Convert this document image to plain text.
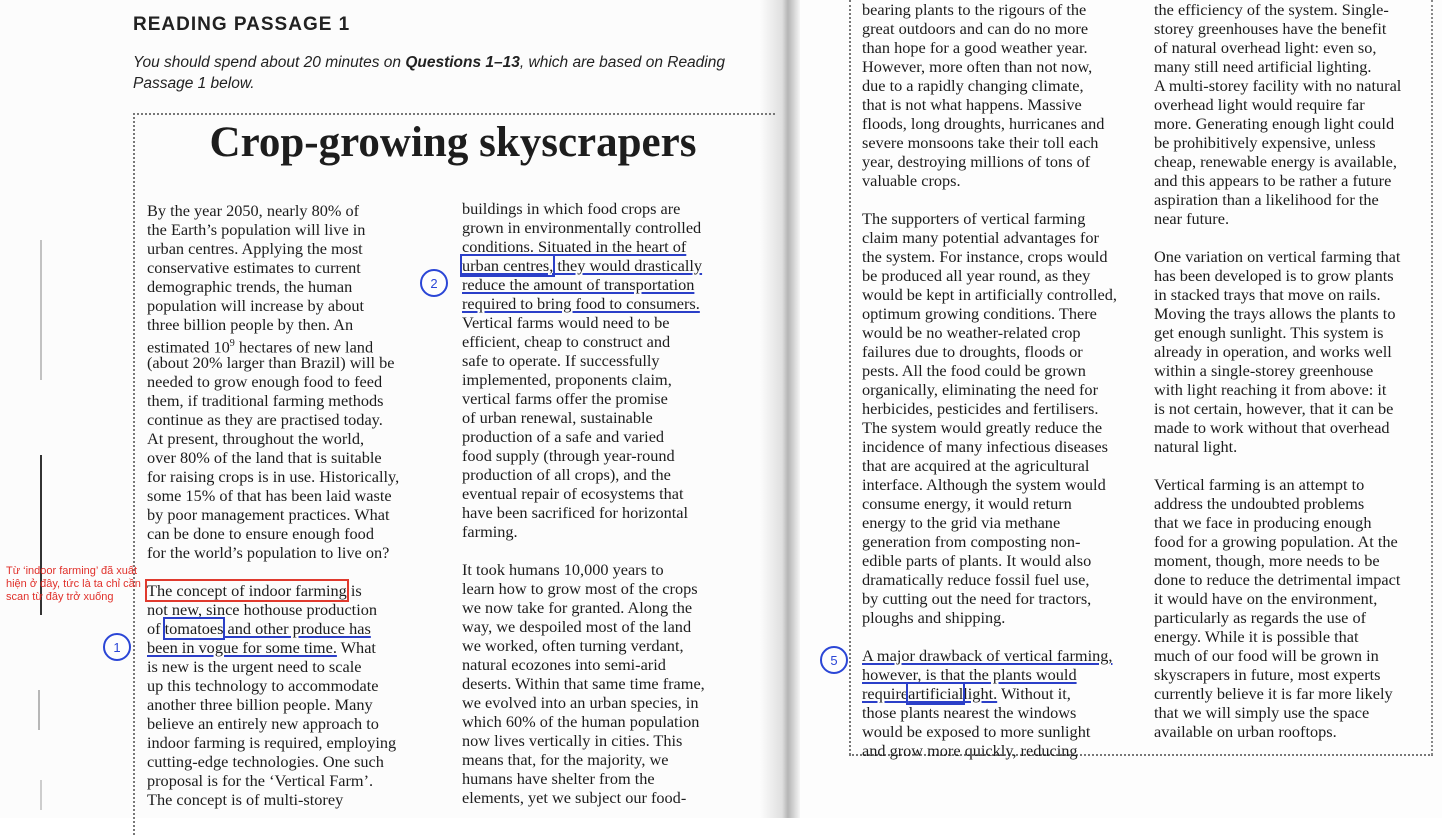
READING PASSAGE 1
You should spend about 20 minutes on Questions 1–13, which are based on Reading Passage 1 below.
Crop-growing skyscrapers

By the year 2050, nearly 80% of
the Earth’s population will live in
urban centres. Applying the most
conservative estimates to current
demographic trends, the human
population will increase by about
three billion people by then. An
estimated $10^9$ hectares of new land
(about 20% larger than Brazil) will be
needed to grow enough food to feed
them, if traditional farming methods
continue as they are practised today.
At present, throughout the world,
over 80% of the land that is suitable
for raising crops is in use. Historically,
some 15% of that has been laid waste
by poor management practices. What
can be done to ensure enough food
for the world’s population to live on?

The concept of indoor farming is
not new, since hothouse production
of tomatoes and other produce has
been in vogue for some time. What
is new is the urgent need to scale
up this technology to accommodate
another three billion people. Many
believe an entirely new approach to
indoor farming is required, employing
cutting-edge technologies. One such
proposal is for the ‘Vertical Farm’.
The concept is of multi-storey

buildings in which food crops are
grown in environmentally controlled
conditions. Situated in the heart of
urban centres, they would drastically
reduce the amount of transportation
required to bring food to consumers.
Vertical farms would need to be
efficient, cheap to construct and
safe to operate. If successfully
implemented, proponents claim,
vertical farms offer the promise
of urban renewal, sustainable
production of a safe and varied
food supply (through year-round
production of all crops), and the
eventual repair of ecosystems that
have been sacrificed for horizontal
farming.

It took humans 10,000 years to
learn how to grow most of the crops
we now take for granted. Along the
way, we despoiled most of the land
we worked, often turning verdant,
natural ecozones into semi-arid
deserts. Within that same time frame,
we evolved into an urban species, in
which 60% of the human population
now lives vertically in cities. This
means that, for the majority, we
humans have shelter from the
elements, yet we subject our food-

bearing plants to the rigours of the
great outdoors and can do no more
than hope for a good weather year.
However, more often than not now,
due to a rapidly changing climate,
that is not what happens. Massive
floods, long droughts, hurricanes and
severe monsoons take their toll each
year, destroying millions of tons of
valuable crops.

The supporters of vertical farming
claim many potential advantages for
the system. For instance, crops would
be produced all year round, as they
would be kept in artificially controlled,
optimum growing conditions. There
would be no weather-related crop
failures due to droughts, floods or
pests. All the food could be grown
organically, eliminating the need for
herbicides, pesticides and fertilisers.
The system would greatly reduce the
incidence of many infectious diseases
that are acquired at the agricultural
interface. Although the system would
consume energy, it would return
energy to the grid via methane
generation from composting non-
edible parts of plants. It would also
dramatically reduce fossil fuel use,
by cutting out the need for tractors,
ploughs and shipping.

A major drawback of vertical farming,
however, is that the plants would
requireartificiallight. Without it,
those plants nearest the windows
would be exposed to more sunlight
and grow more quickly, reducing

the efficiency of the system. Single-
storey greenhouses have the benefit
of natural overhead light: even so,
many still need artificial lighting.
A multi-storey facility with no natural
overhead light would require far
more. Generating enough light could
be prohibitively expensive, unless
cheap, renewable energy is available,
and this appears to be rather a future
aspiration than a likelihood for the
near future.

One variation on vertical farming that
has been developed is to grow plants
in stacked trays that move on rails.
Moving the trays allows the plants to
get enough sunlight. This system is
already in operation, and works well
within a single-storey greenhouse
with light reaching it from above: it
is not certain, however, that it can be
made to work without that overhead
natural light.

Vertical farming is an attempt to
address the undoubted problems
that we face in producing enough
food for a growing population. At the
moment, though, more needs to be
done to reduce the detrimental impact
it would have on the environment,
particularly as regards the use of
energy. While it is possible that
much of our food will be grown in
skyscrapers in future, most experts
currently believe it is far more likely
that we will simply use the space
available on urban rooftops.

1
2
5
Từ ‘indoor farming’ đã xuất hiện ở đây, tức là ta chỉ cần scan từ đây trở xuống
